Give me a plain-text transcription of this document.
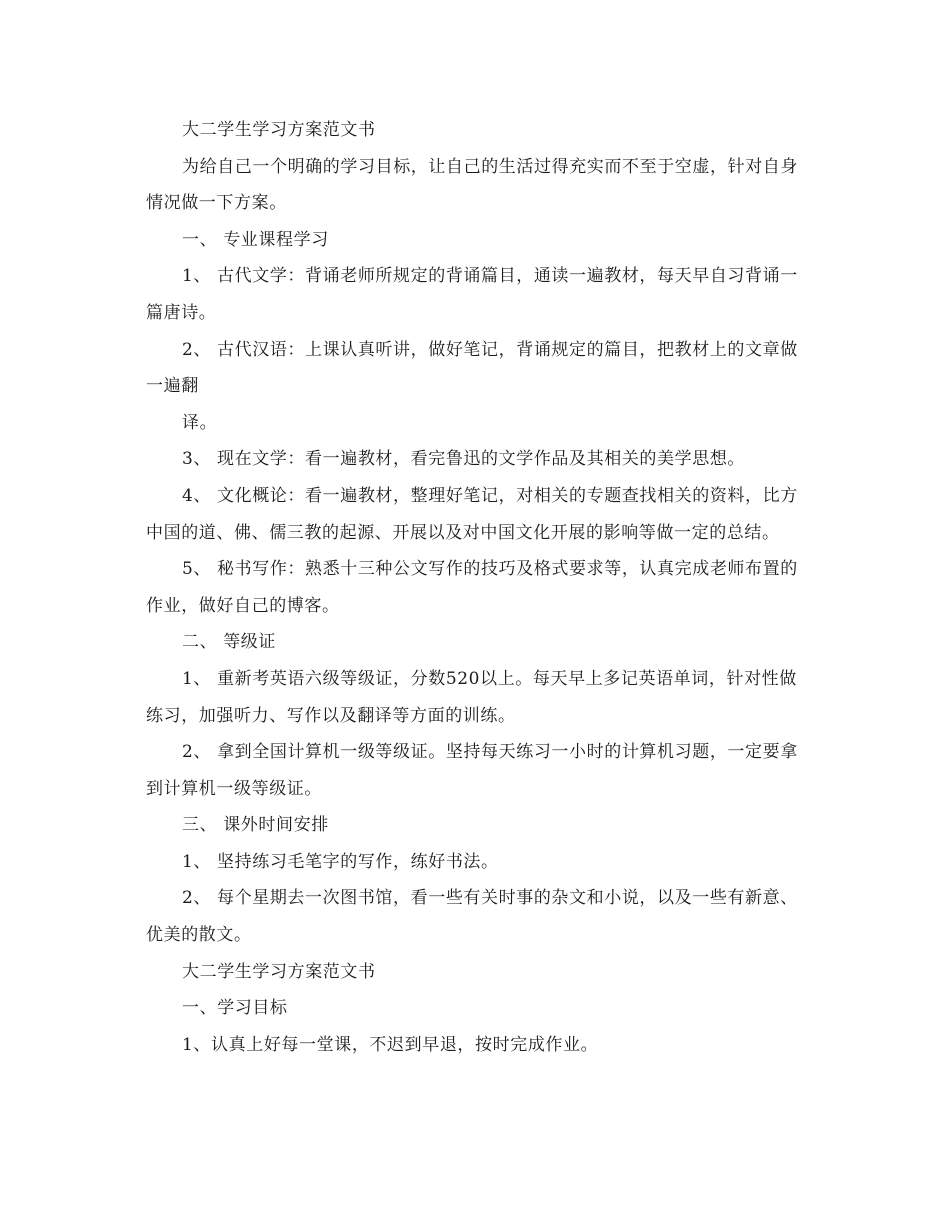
大二学生学习方案范文书

为给自己一个明确的学习目标，让自己的生活过得充实而不至于空虚，针对自身情况做一下方案。

一、 专业课程学习

1、 古代文学：背诵老师所规定的背诵篇目，通读一遍教材，每天早自习背诵一篇唐诗。

2、 古代汉语：上课认真听讲，做好笔记，背诵规定的篇目，把教材上的文章做一遍翻

译。

3、 现在文学：看一遍教材，看完鲁迅的文学作品及其相关的美学思想。

4、 文化概论：看一遍教材，整理好笔记，对相关的专题查找相关的资料，比方中国的道、佛、儒三教的起源、开展以及对中国文化开展的影响等做一定的总结。

5、 秘书写作：熟悉十三种公文写作的技巧及格式要求等，认真完成老师布置的作业，做好自己的博客。

二、 等级证

1、 重新考英语六级等级证，分数520以上。每天早上多记英语单词，针对性做练习，加强听力、写作以及翻译等方面的训练。

2、 拿到全国计算机一级等级证。坚持每天练习一小时的计算机习题，一定要拿到计算机一级等级证。

三、 课外时间安排

1、 坚持练习毛笔字的写作，练好书法。

2、 每个星期去一次图书馆，看一些有关时事的杂文和小说，以及一些有新意、优美的散文。

大二学生学习方案范文书

一、学习目标

1、认真上好每一堂课，不迟到早退，按时完成作业。
